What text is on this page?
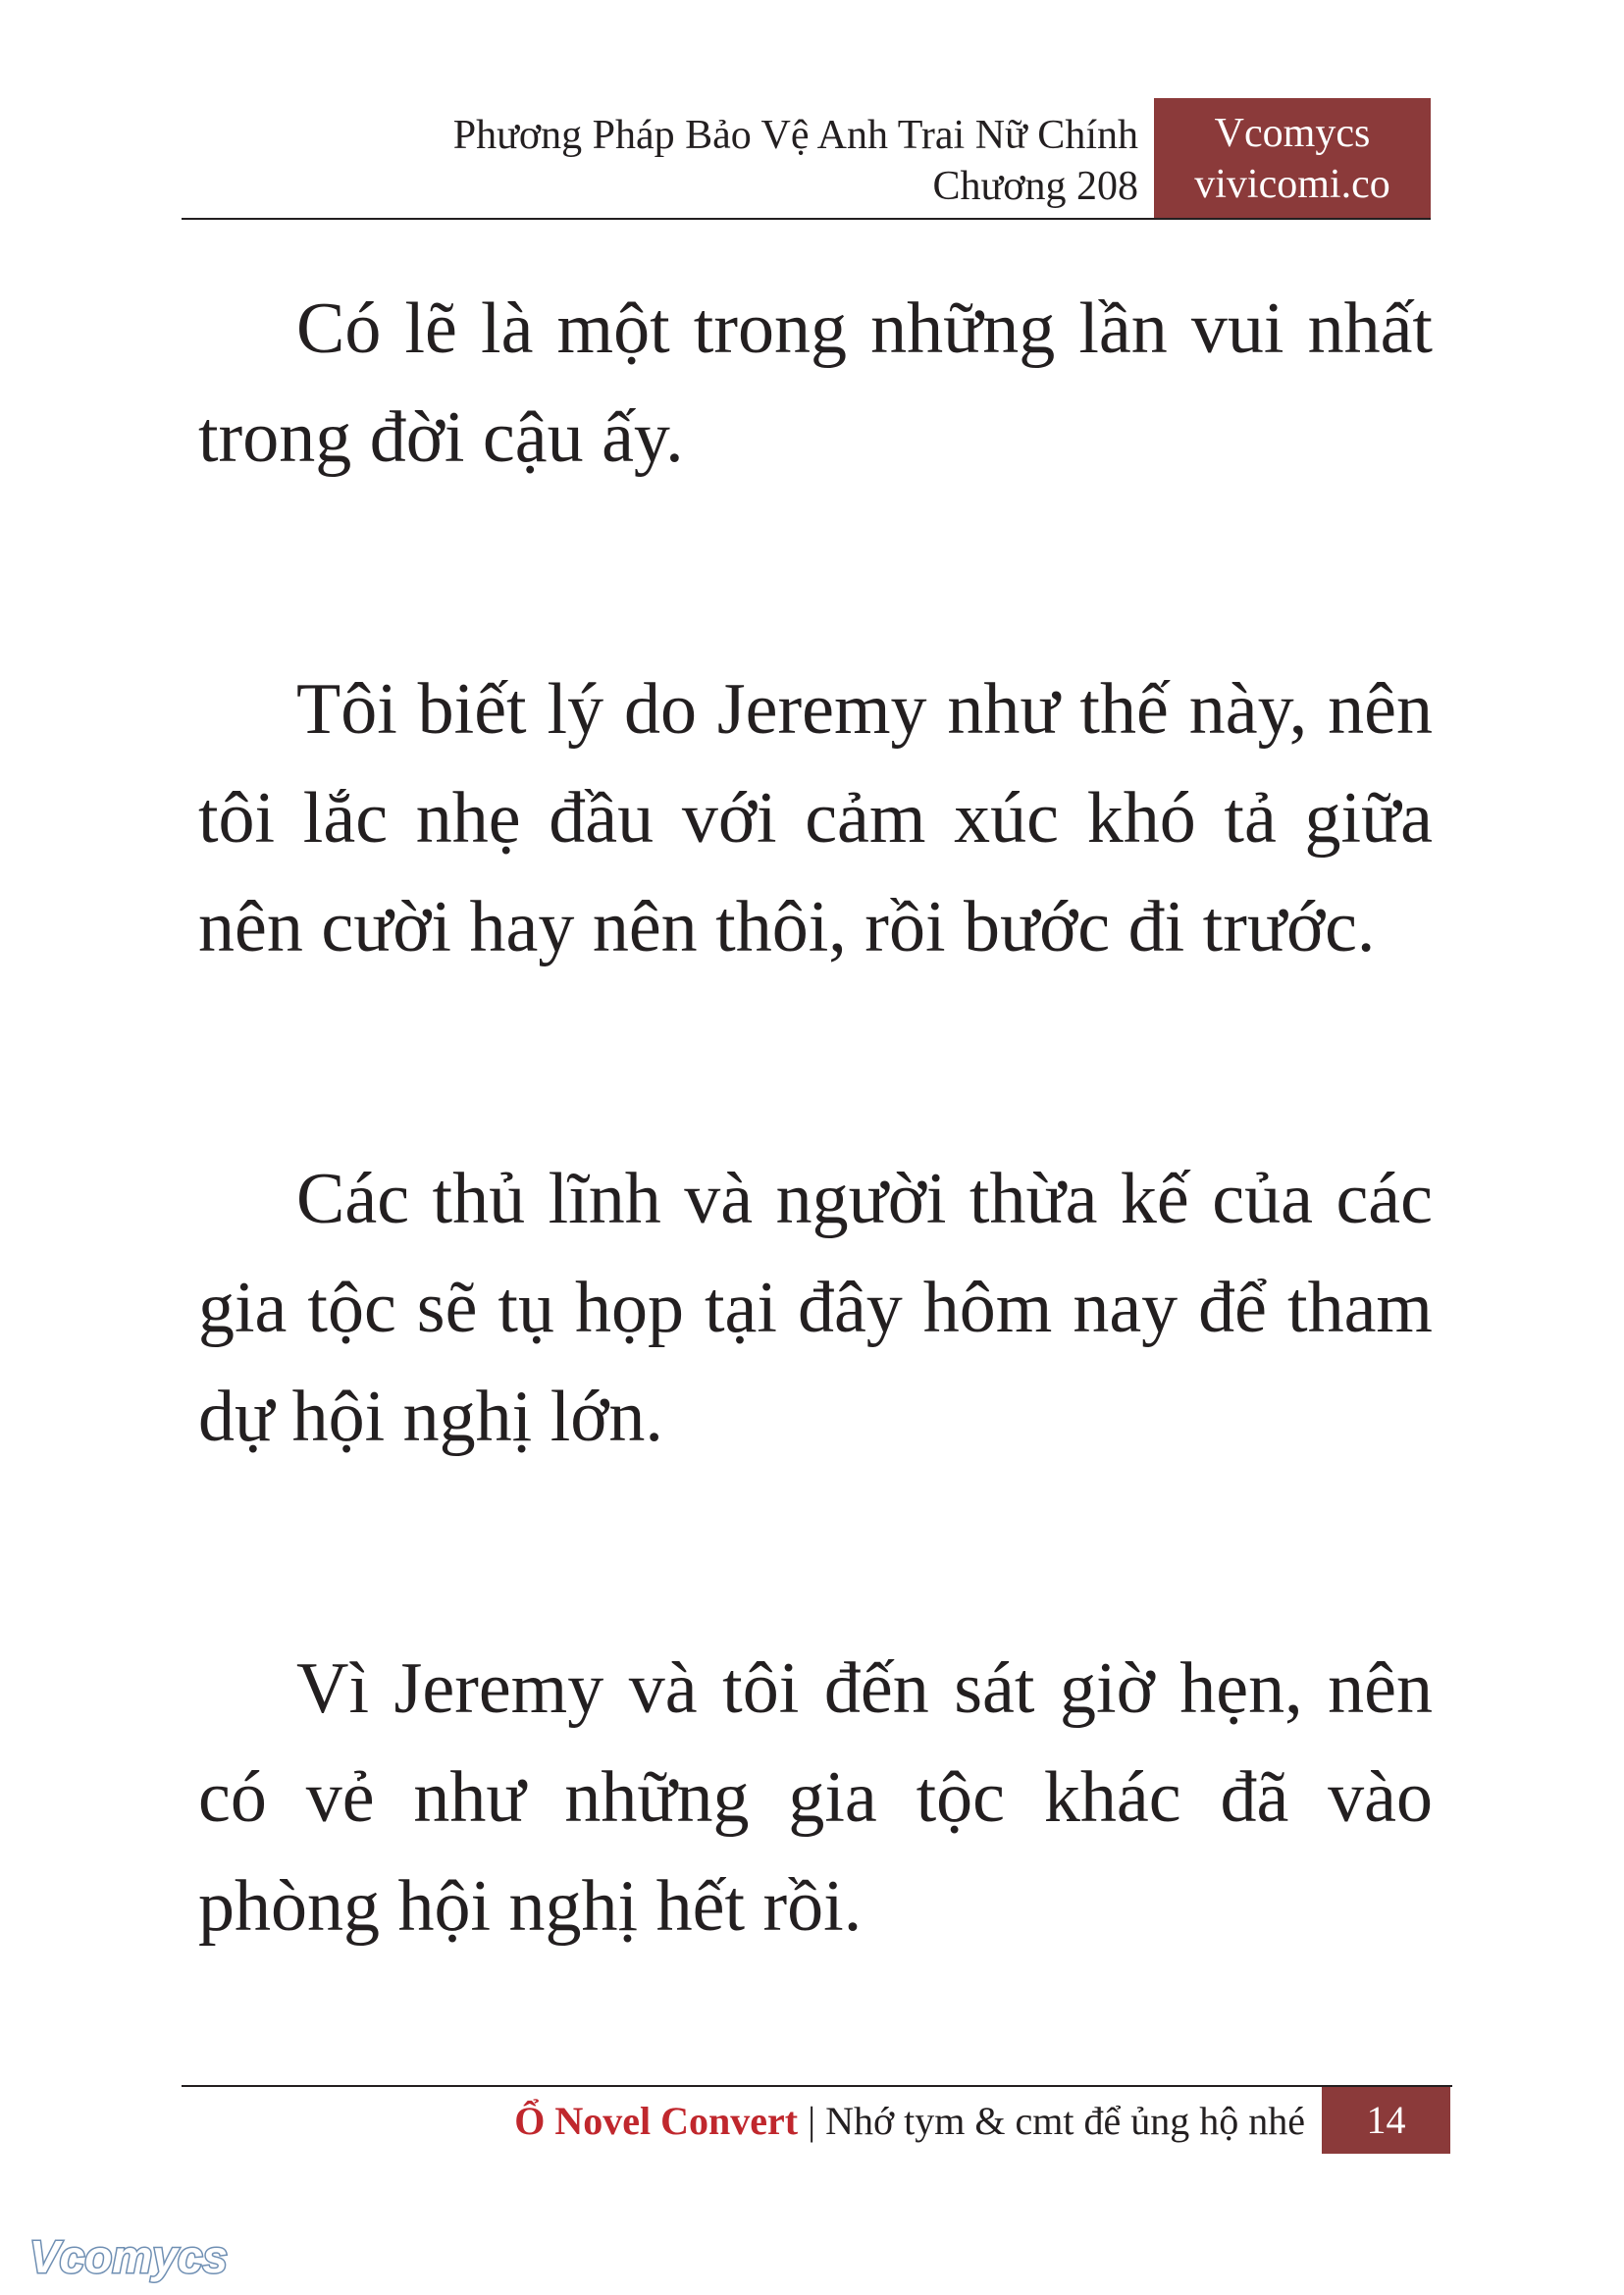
Phương Pháp Bảo Vệ Anh Trai Nữ Chính
Chương 208
Vcomycs
vivicomi.co

Có lẽ là một trong những lần vui nhất trong đời cậu ấy.

Tôi biết lý do Jeremy như thế này, nên tôi lắc nhẹ đầu với cảm xúc khó tả giữa nên cười hay nên thôi, rồi bước đi trước.

Các thủ lĩnh và người thừa kế của các gia tộc sẽ tụ họp tại đây hôm nay để tham dự hội nghị lớn.

Vì Jeremy và tôi đến sát giờ hẹn, nên có vẻ như những gia tộc khác đã vào phòng hội nghị hết rồi.

Ổ Novel Convert | Nhớ tym & cmt để ủng hộ nhé	14
Vcomycs
